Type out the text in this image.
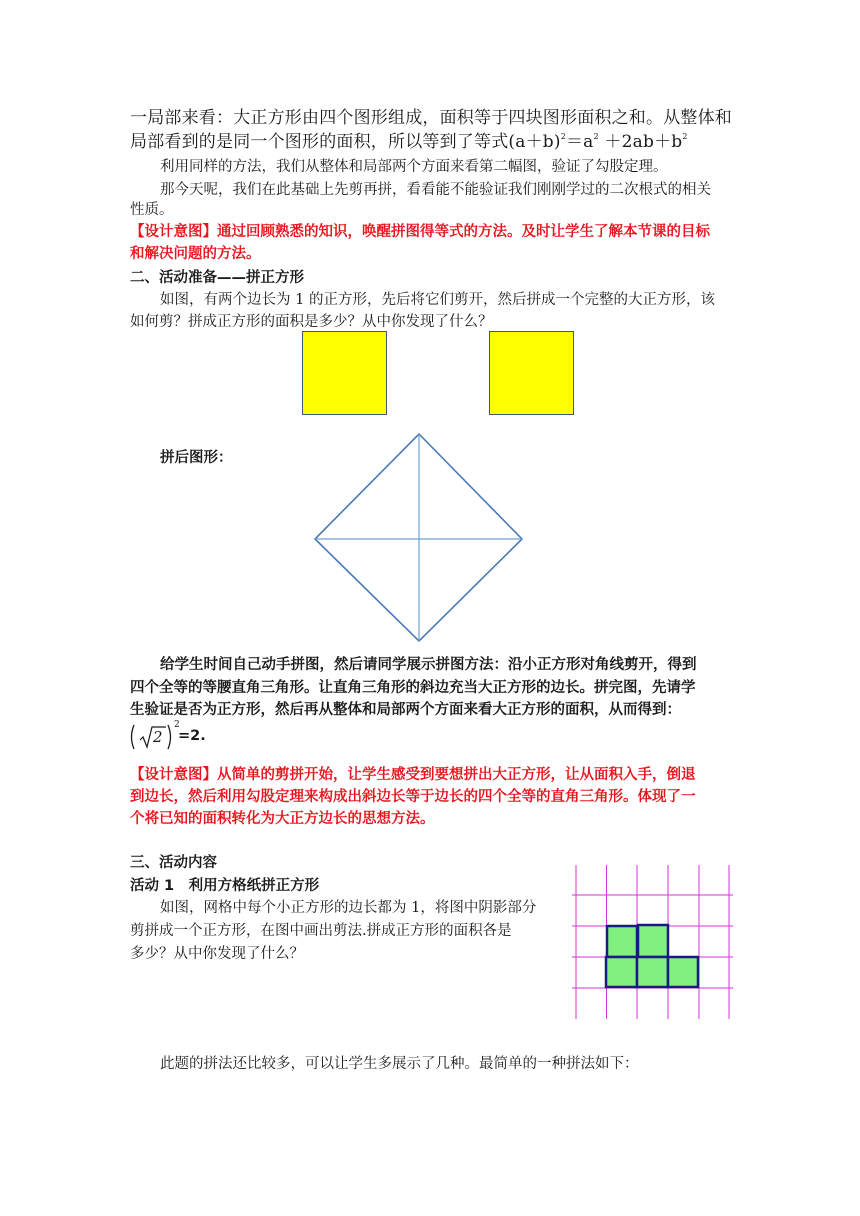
一局部来看：大正方形由四个图形组成，面积等于四块图形面积之和。从整体和
局部看到的是同一个图形的面积，所以等到了等式$(a+b)^2=a^2 +2ab+b^2$
利用同样的方法，我们从整体和局部两个方面来看第二幅图，验证了勾股定理。
那今天呢，我们在此基础上先剪再拼，看看能不能验证我们刚刚学过的二次根式的相关
性质。
【设计意图】通过回顾熟悉的知识，唤醒拼图得等式的方法。及时让学生了解本节课的目标
和解决问题的方法。
二、活动准备——拼正方形
如图，有两个边长为 1 的正方形，先后将它们剪开，然后拼成一个完整的大正方形，该
如何剪？拼成正方形的面积是多少？从中你发现了什么？
拼后图形：
给学生时间自己动手拼图，然后请同学展示拼图方法：沿小正方形对角线剪开，得到
四个全等的等腰直角三角形。让直角三角形的斜边充当大正方形的边长。拼完图，先请学
生验证是否为正方形，然后再从整体和局部两个方面来看大正方形的面积，从而得到：
2
2
=2.
【设计意图】从简单的剪拼开始，让学生感受到要想拼出大正方形，让从面积入手，倒退
到边长，然后利用勾股定理来构成出斜边长等于边长的四个全等的直角三角形。体现了一
个将已知的面积转化为大正方边长的思想方法。
三、活动内容
活动 1　利用方格纸拼正方形
如图，网格中每个小正方形的边长都为 1，将图中阴影部分
剪拼成一个正方形，在图中画出剪法.拼成正方形的面积各是
多少？从中你发现了什么？
此题的拼法还比较多，可以让学生多展示了几种。最简单的一种拼法如下：
